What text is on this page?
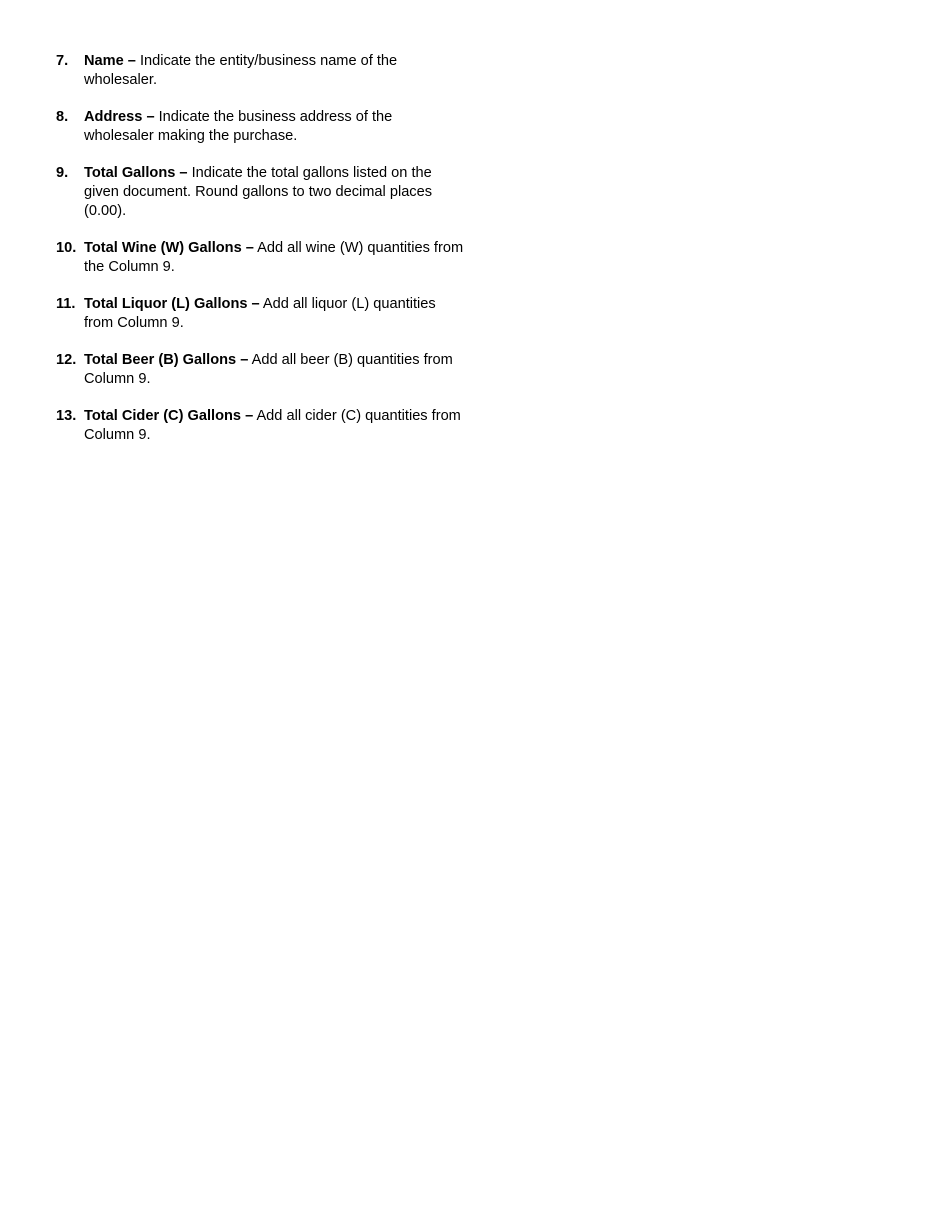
7. Name – Indicate the entity/business name of the wholesaler.
8. Address – Indicate the business address of the wholesaler making the purchase.
9. Total Gallons – Indicate the total gallons listed on the given document. Round gallons to two decimal places (0.00).
10. Total Wine (W) Gallons – Add all wine (W) quantities from the Column 9.
11. Total Liquor (L) Gallons – Add all liquor (L) quantities from Column 9.
12. Total Beer (B) Gallons – Add all beer (B) quantities from Column 9.
13. Total Cider (C) Gallons – Add all cider (C) quantities from Column 9.
